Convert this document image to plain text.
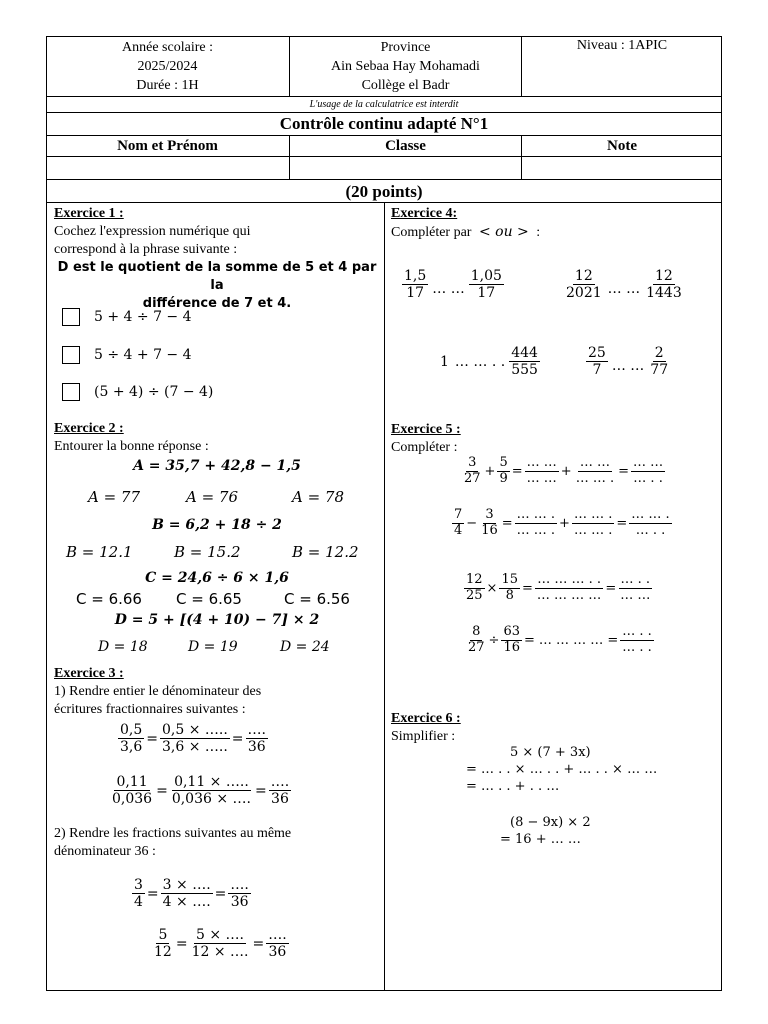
Année scolaire :
2025/2024
Durée : 1H
Province
Ain Sebaa Hay Mohamadi
Collège el Badr
Niveau : 1APIC
L'usage de la calculatrice est interdit
Contrôle continu adapté N°1
Nom et Prénom	Classe	Note
(20 points)
Exercice 1 :
Cochez l'expression numérique qui
correspond à la phrase suivante :
D est le quotient de la somme de 5 et 4 par la
différence de 7 et 4.
5 + 4 ÷ 7 − 4
5 ÷ 4 + 7 − 4
(5 + 4) ÷ (7 − 4)
Exercice 2 :
Entourer la bonne réponse :
A = 35,7 + 42,8 − 1,5
A = 77	A = 76	A = 78
B = 6,2 + 18 ÷ 2
B = 12.1	B = 15.2	B = 12.2
C = 24,6 ÷ 6 × 1,6
C = 6.66 C = 6.65	C = 6.56
D = 5 + [(4 + 10) − 7] × 2
D = 18	D = 19	D = 24
Exercice 3 :
1) Rendre entier le dénominateur des
écritures fractionnaires suivantes :
$\frac{0,5}{3,6} = \frac{0,5 \times \dots..}{3,6 \times \dots..} = \frac{\dots.}{36}$
$\frac{0,11}{0,036} = \frac{0,11 \times \dots..}{0,036 \times \dots.} = \frac{\dots.}{36}$
2) Rendre les fractions suivantes au même
dénominateur 36 :
$\frac{3}{4} = \frac{3 \times \dots.}{4 \times \dots.} = \frac{\dots.}{36}$
$\frac{5}{12} = \frac{5 \times \dots.}{12 \times \dots.} = \frac{\dots.}{36}$
Exercice 4:
Compléter par < ou > :
$\frac{1,5}{17}$ … … $\frac{1,05}{17}$	$\frac{12}{2021}$ … … $\frac{12}{1443}$
1 … … . . $\frac{444}{555}$	$\frac{25}{7}$ … … $\frac{2}{77}$
Exercice 5 :
Compléter :
$\frac{3}{27} + \frac{5}{9} = \frac{\dots \dots}{\dots \dots} + \frac{\dots \dots}{\dots \dots .} = \frac{\dots \dots}{\dots . .}$
$\frac{7}{4} - \frac{3}{16} = \frac{\dots \dots .}{\dots \dots .} + \frac{\dots \dots .}{\dots \dots .} = \frac{\dots \dots .}{\dots . .}$
$\frac{12}{25} \times \frac{15}{8} = \frac{\dots \dots \dots . .}{\dots \dots \dots \dots} = \frac{\dots . .}{\dots \dots}$
$\frac{8}{27} \div \frac{63}{16}$ = … … … … = $\frac{\dots . .}{\dots . .}$
Exercice 6 :
Simplifier :
5 × (7 + 3x)
= … . . × … . . + … . . × … …
= … . . + . . …
(8 − 9x) × 2
= 16 + … …
